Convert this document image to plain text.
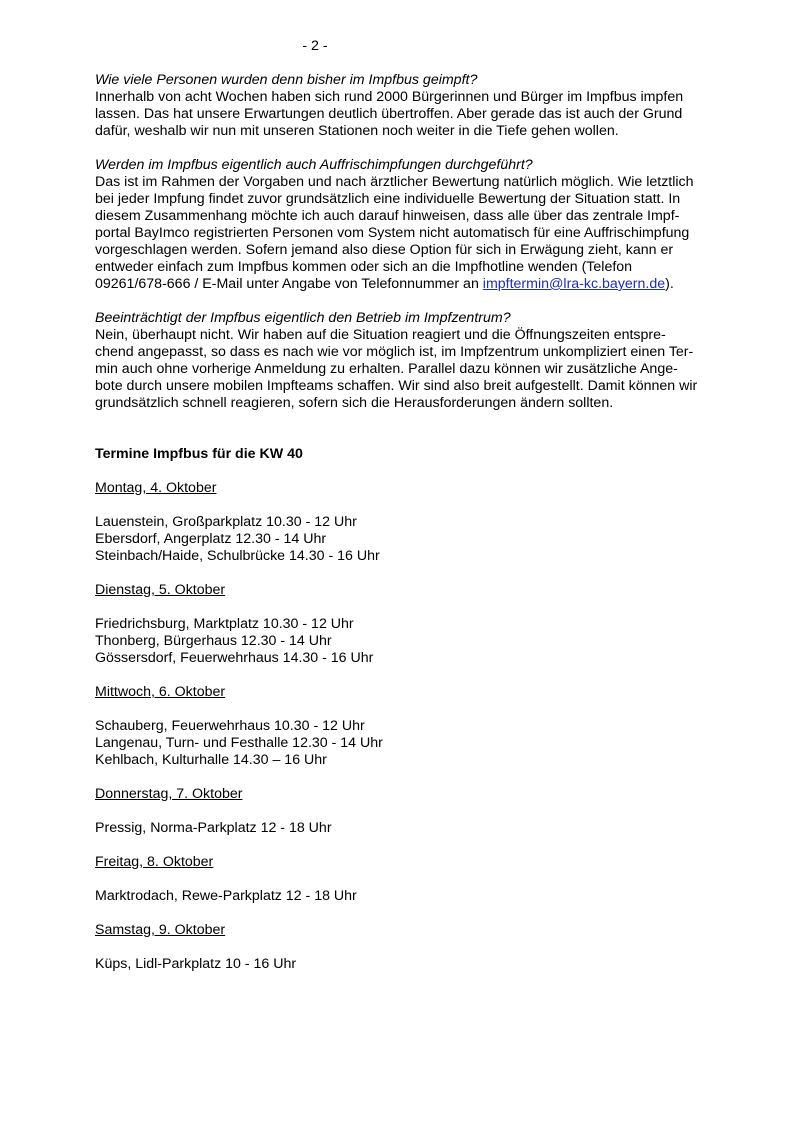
- 2 -
Wie viele Personen wurden denn bisher im Impfbus geimpft?

Innerhalb von acht Wochen haben sich rund 2000 Bürgerinnen und Bürger im Impfbus impfen

lassen. Das hat unsere Erwartungen deutlich übertroffen. Aber gerade das ist auch der Grund

dafür, weshalb wir nun mit unseren Stationen noch weiter in die Tiefe gehen wollen.

Werden im Impfbus eigentlich auch Auffrischimpfungen durchgeführt?

Das ist im Rahmen der Vorgaben und nach ärztlicher Bewertung natürlich möglich. Wie letztlich

bei jeder Impfung findet zuvor grundsätzlich eine individuelle Bewertung der Situation statt. In

diesem Zusammenhang möchte ich auch darauf hinweisen, dass alle über das zentrale Impf-

portal BayImco registrierten Personen vom System nicht automatisch für eine Auffrischimpfung

vorgeschlagen werden. Sofern jemand also diese Option für sich in Erwägung zieht, kann er

entweder einfach zum Impfbus kommen oder sich an die Impfhotline wenden (Telefon

09261/678-666 / E-Mail unter Angabe von Telefonnummer an impftermin@lra-kc.bayern.de).

Beeinträchtigt der Impfbus eigentlich den Betrieb im Impfzentrum?

Nein, überhaupt nicht. Wir haben auf die Situation reagiert und die Öffnungszeiten entspre-

chend angepasst, so dass es nach wie vor möglich ist, im Impfzentrum unkompliziert einen Ter-

min auch ohne vorherige Anmeldung zu erhalten. Parallel dazu können wir zusätzliche Ange-

bote durch unsere mobilen Impfteams schaffen. Wir sind also breit aufgestellt. Damit können wir

grundsätzlich schnell reagieren, sofern sich die Herausforderungen ändern sollten.

Termine Impfbus für die KW 40
Montag, 4. Oktober
Lauenstein, Großparkplatz 10.30 - 12 Uhr
Ebersdorf, Angerplatz 12.30 - 14 Uhr
Steinbach/Haide, Schulbrücke 14.30 - 16 Uhr
Dienstag, 5. Oktober
Friedrichsburg, Marktplatz 10.30 - 12 Uhr
Thonberg, Bürgerhaus 12.30 - 14 Uhr
Gössersdorf, Feuerwehrhaus 14.30 - 16 Uhr
Mittwoch, 6. Oktober
Schauberg, Feuerwehrhaus 10.30 - 12 Uhr
Langenau, Turn- und Festhalle 12.30 - 14 Uhr
Kehlbach, Kulturhalle 14.30 – 16 Uhr
Donnerstag, 7. Oktober
Pressig, Norma-Parkplatz 12 - 18 Uhr
Freitag, 8. Oktober
Marktrodach, Rewe-Parkplatz 12 - 18 Uhr
Samstag, 9. Oktober
Küps, Lidl-Parkplatz 10 - 16 Uhr
